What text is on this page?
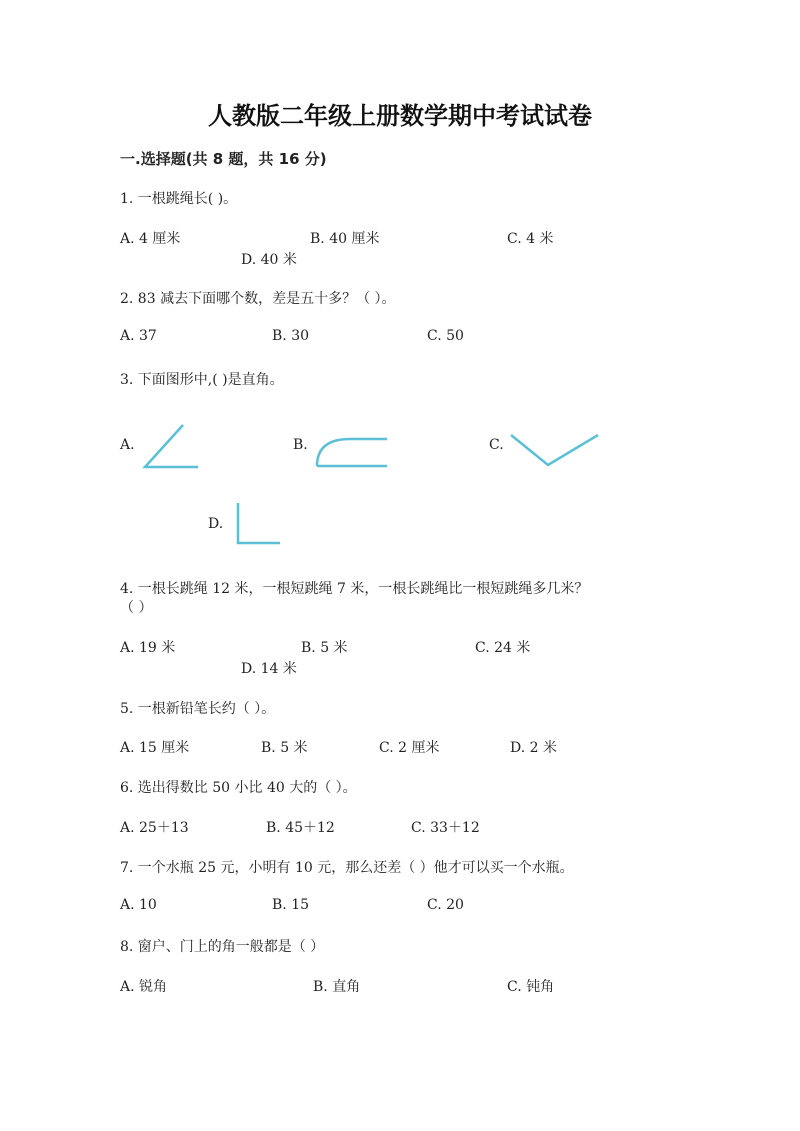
人教版二年级上册数学期中考试试卷
一.选择题(共 8 题，共 16 分)
1. 一根跳绳长( )。
A. 4 厘米	B. 40 厘米	C. 4 米
D. 40 米
2. 83 减去下面哪个数，差是五十多？（ ）。
A. 37	B. 30	C. 50
3. 下面图形中,( )是直角。
A.	B.	C.
D.
4. 一根长跳绳 12 米，一根短跳绳 7 米，一根长跳绳比一根短跳绳多几米？
（ ）
A. 19 米	B. 5 米	C. 24 米
D. 14 米
5. 一根新铅笔长约（ ）。
A. 15 厘米	B. 5 米	C. 2 厘米	D. 2 米
6. 选出得数比 50 小比 40 大的（ ）。
A. 25＋13	B. 45＋12	C. 33＋12
7. 一个水瓶 25 元，小明有 10 元，那么还差（ ）他才可以买一个水瓶。
A. 10	B. 15	C. 20
8. 窗户、门上的角一般都是（ ）
A. 锐角	B. 直角	C. 钝角
